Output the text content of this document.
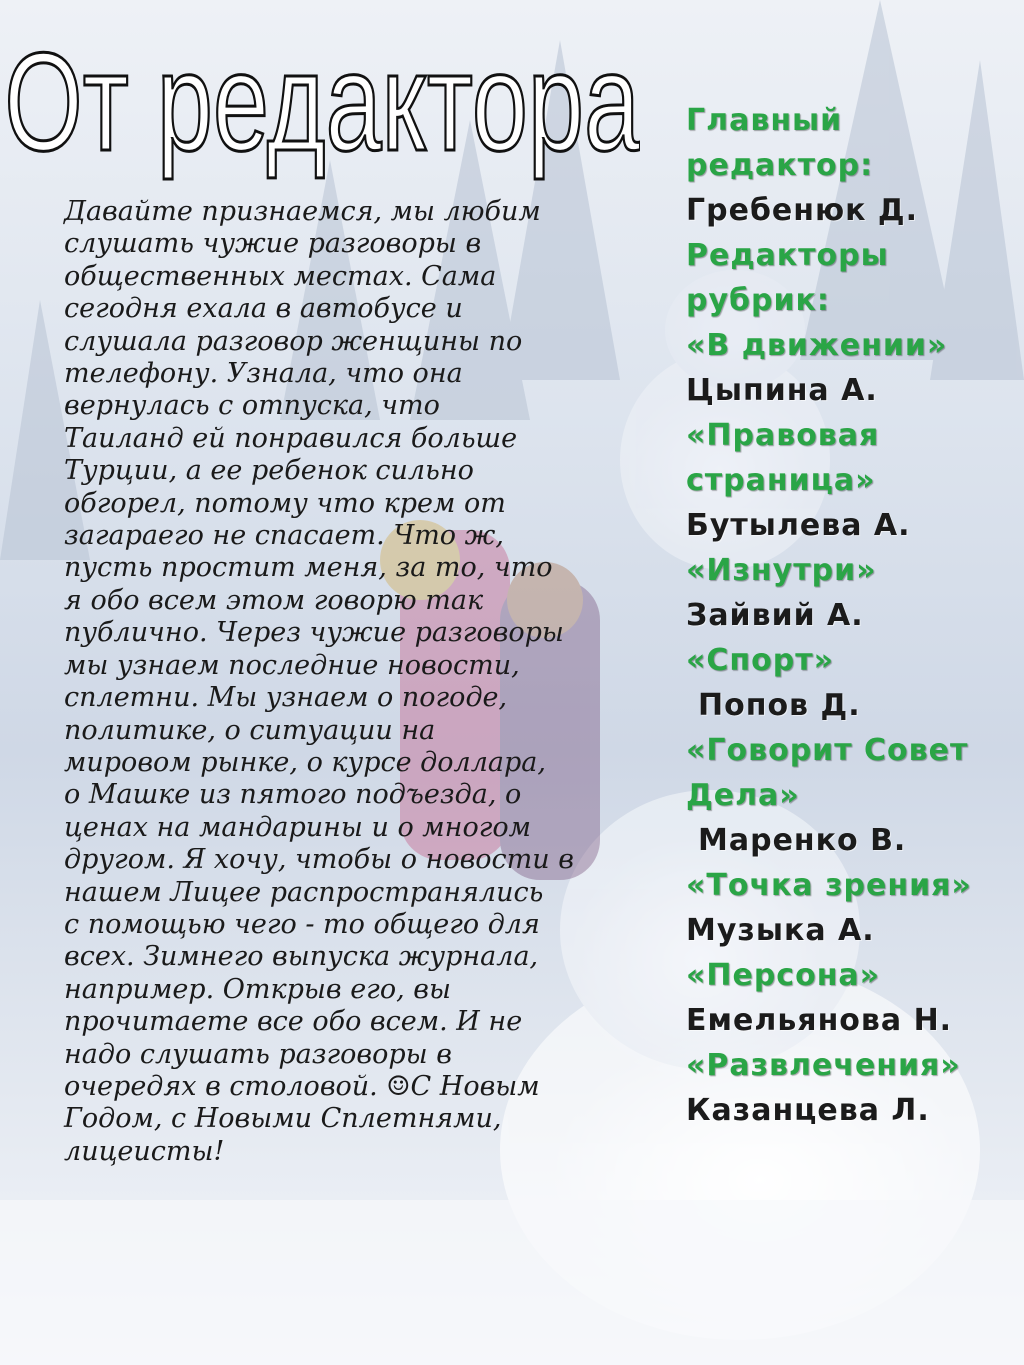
От редактора
Давайте признаемся, мы любим
слушать чужие разговоры в
общественных местах. Сама
сегодня ехала в автобусе и
слушала разговор женщины по
телефону. Узнала, что она
вернулась с отпуска, что
Таиланд ей понравился больше
Турции, а ее ребенок сильно
обгорел, потому что крем от
загараего не спасает. Что ж,
пусть простит меня, за то, что
я обо всем этом говорю так
публично. Через чужие разговоры
мы узнаем последние новости,
сплетни. Мы узнаем о погоде,
политике, о ситуации на
мировом рынке, о курсе доллара,
о Машке из пятого подъезда, о
ценах на мандарины и о многом
другом. Я хочу, чтобы о новости в
нашем Лицее распространялись
с помощью чего - то общего для
всех. Зимнего выпуска журнала,
например. Открыв его, вы
прочитаете все обо всем. И не
надо слушать разговоры в
очередях в столовой. ☺С Новым
Годом, с Новыми Сплетнями,
лицеисты!
Главный
редактор:
Гребенюк Д.
Редакторы
рубрик:
«В движении»
Цыпина А.
«Правовая
страница»
Бутылева А.
«Изнутри»
Зайвий А.
«Спорт»
Попов Д.
«Говорит Совет
Дела»
Маренко В.
«Точка зрения»
Музыка А.
«Персона»
Емельянова Н.
«Развлечения»
Казанцева Л.
